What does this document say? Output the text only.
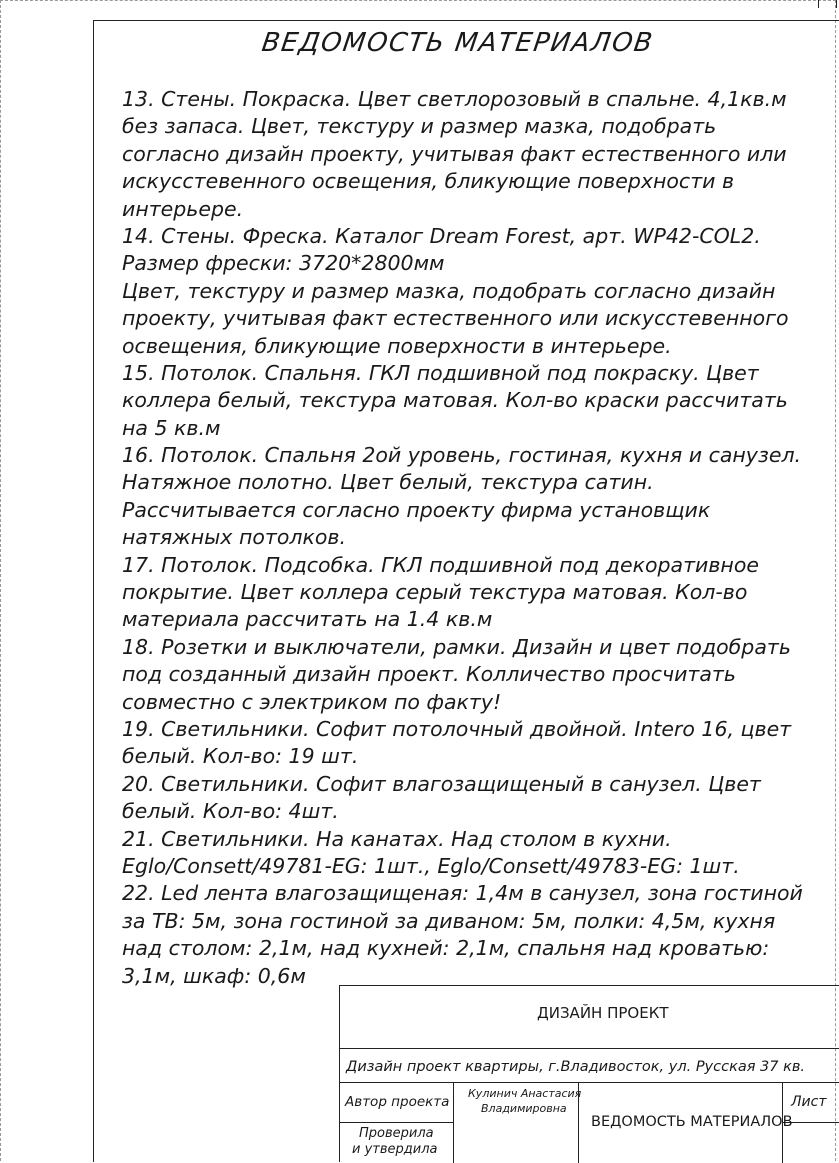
ВЕДОМОСТЬ МАТЕРИАЛОВ
13. Стены. Покраска. Цвет светлорозовый в спальне. 4,1кв.м
без запаса. Цвет, текстуру и размер мазка, подобрать
согласно дизайн проекту, учитывая факт естественного или
искусстевенного освещения, бликующие поверхности в
интерьере.
14. Стены. Фреска. Каталог Dream Forest, арт. WP42-COL2.
Размер фрески: 3720*2800мм
Цвет, текстуру и размер мазка, подобрать согласно дизайн
проекту, учитывая факт естественного или искусстевенного
освещения, бликующие поверхности в интерьере.
15. Потолок. Спальня. ГКЛ подшивной под покраску. Цвет
коллера белый, текстура матовая. Кол-во краски рассчитать
на 5 кв.м
16. Потолок. Спальня 2ой уровень, гостиная, кухня и санузел.
Натяжное полотно. Цвет белый, текстура сатин.
Рассчитывается согласно проекту фирма установщик
натяжных потолков.
17. Потолок. Подсобка. ГКЛ подшивной под декоративное
покрытие. Цвет коллера серый текстура матовая. Кол-во
материала рассчитать на 1.4 кв.м
18. Розетки и выключатели, рамки. Дизайн и цвет подобрать
под созданный дизайн проект. Колличество просчитать
совместно с электриком по факту!
19. Светильники. Софит потолочный двойной. Intero 16, цвет
белый. Кол-во: 19 шт.
20. Светильники. Софит влагозащищеный в санузел. Цвет
белый. Кол-во: 4шт.
21. Светильники. На канатах. Над столом в кухни.
Eglo/Consett/49781-EG: 1шт., Eglo/Consett/49783-EG: 1шт.
22. Led лента влагозащищеная: 1,4м в санузел, зона гостиной
за ТВ: 5м, зона гостиной за диваном: 5м, полки: 4,5м, кухня
над столом: 2,1м, над кухней: 2,1м, спальня над кроватью:
3,1м, шкаф: 0,6м
ДИЗАЙН ПРОЕКТ
Дизайн проект квартиры, г.Владивосток, ул. Русская 37 кв.
Автор проекта
Кулинич Анастасия
Владимировна
ВЕДОМОСТЬ МАТЕРИАЛОВ
Лист
Проверила
и утвердила
